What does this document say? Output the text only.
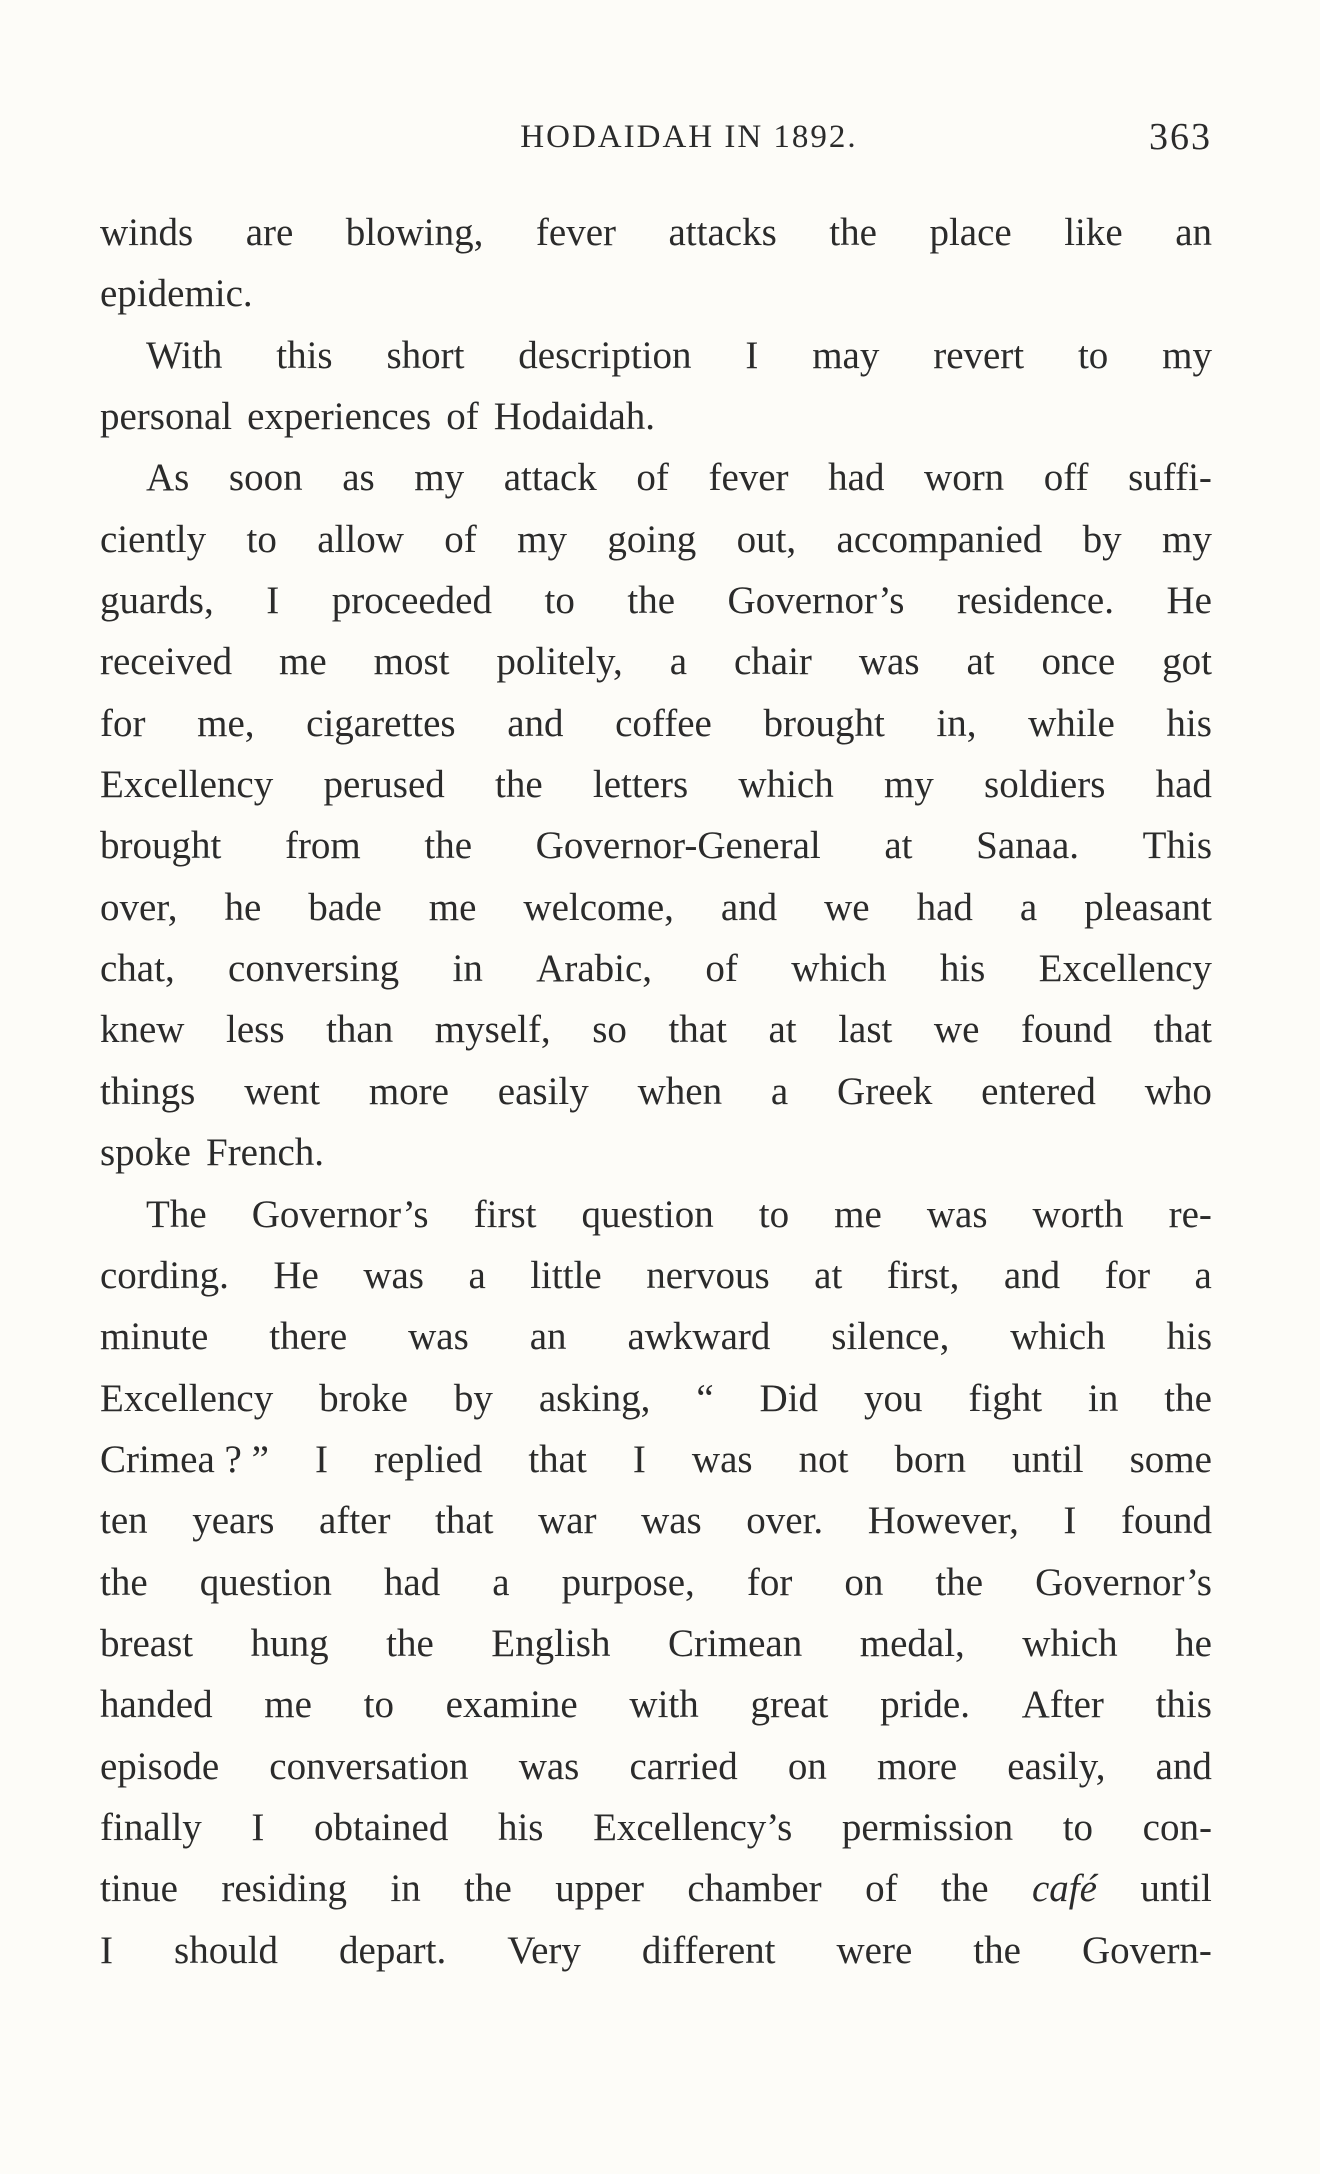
HODAIDAH IN 1892.	363
winds are blowing, fever attacks the place like an
epidemic.
With this short description I may revert to my
personal experiences of Hodaidah.
As soon as my attack of fever had worn off suffi-
ciently to allow of my going out, accompanied by my
guards, I proceeded to the Governor’s residence. He
received me most politely, a chair was at once got
for me, cigarettes and coffee brought in, while his
Excellency perused the letters which my soldiers had
brought from the Governor-General at Sanaa. This
over, he bade me welcome, and we had a pleasant
chat, conversing in Arabic, of which his Excellency
knew less than myself, so that at last we found that
things went more easily when a Greek entered who
spoke French.
The Governor’s first question to me was worth re-
cording. He was a little nervous at first, and for a
minute there was an awkward silence, which his
Excellency broke by asking, “ Did you fight in the
Crimea ? ” I replied that I was not born until some
ten years after that war was over. However, I found
the question had a purpose, for on the Governor’s
breast hung the English Crimean medal, which he
handed me to examine with great pride. After this
episode conversation was carried on more easily, and
finally I obtained his Excellency’s permission to con-
tinue residing in the upper chamber of the café until
I should depart. Very different were the Govern-
